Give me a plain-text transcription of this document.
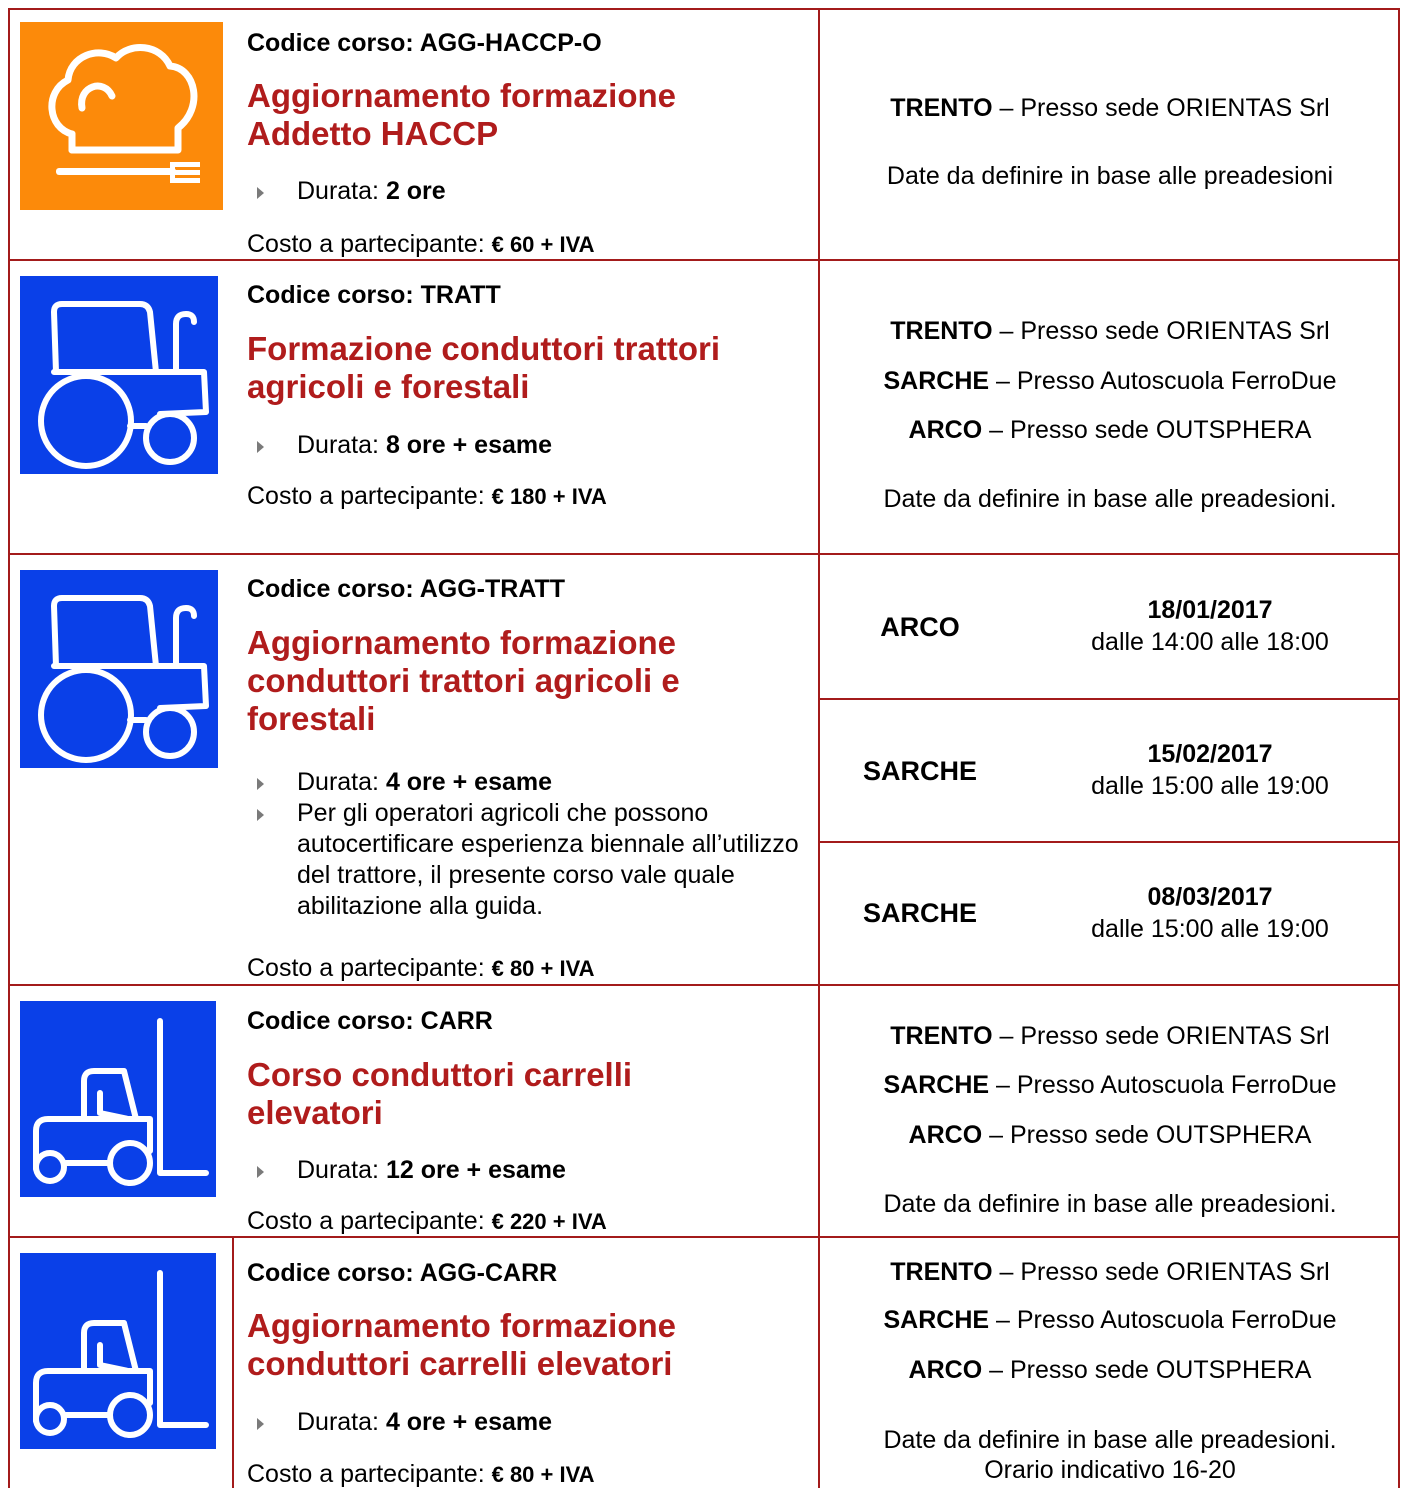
Codice corso: AGG-HACCP-O
Aggiornamento formazione Addetto HACCP
Durata: 2 ore
Costo a partecipante: € 60 + IVA
TRENTO – Presso sede ORIENTAS Srl
Date da definire in base alle preadesioni
Codice corso: TRATT
Formazione conduttori trattori agricoli e forestali
Durata: 8 ore + esame
Costo a partecipante: € 180 + IVA
TRENTO – Presso sede ORIENTAS Srl
SARCHE – Presso Autoscuola FerroDue
ARCO – Presso sede OUTSPHERA
Date da definire in base alle preadesioni.
Codice corso: AGG-TRATT
Aggiornamento formazione conduttori trattori agricoli e forestali
Durata: 4 ore + esame
Per gli operatori agricoli che possono autocertificare esperienza biennale all’utilizzo del trattore, il presente corso vale quale abilitazione alla guida.
Costo a partecipante: € 80 + IVA
ARCO
18/01/2017
dalle 14:00 alle 18:00
SARCHE
15/02/2017
dalle 15:00 alle 19:00
SARCHE
08/03/2017
dalle 15:00 alle 19:00
Codice corso: CARR
Corso conduttori carrelli elevatori
Durata: 12 ore + esame
Costo a partecipante: € 220 + IVA
TRENTO – Presso sede ORIENTAS Srl
SARCHE – Presso Autoscuola FerroDue
ARCO – Presso sede OUTSPHERA
Date da definire in base alle preadesioni.
Codice corso: AGG-CARR
Aggiornamento formazione conduttori carrelli elevatori
Durata: 4 ore + esame
Costo a partecipante: € 80 + IVA
TRENTO – Presso sede ORIENTAS Srl
SARCHE – Presso Autoscuola FerroDue
ARCO – Presso sede OUTSPHERA
Date da definire in base alle preadesioni.
Orario indicativo 16-20
